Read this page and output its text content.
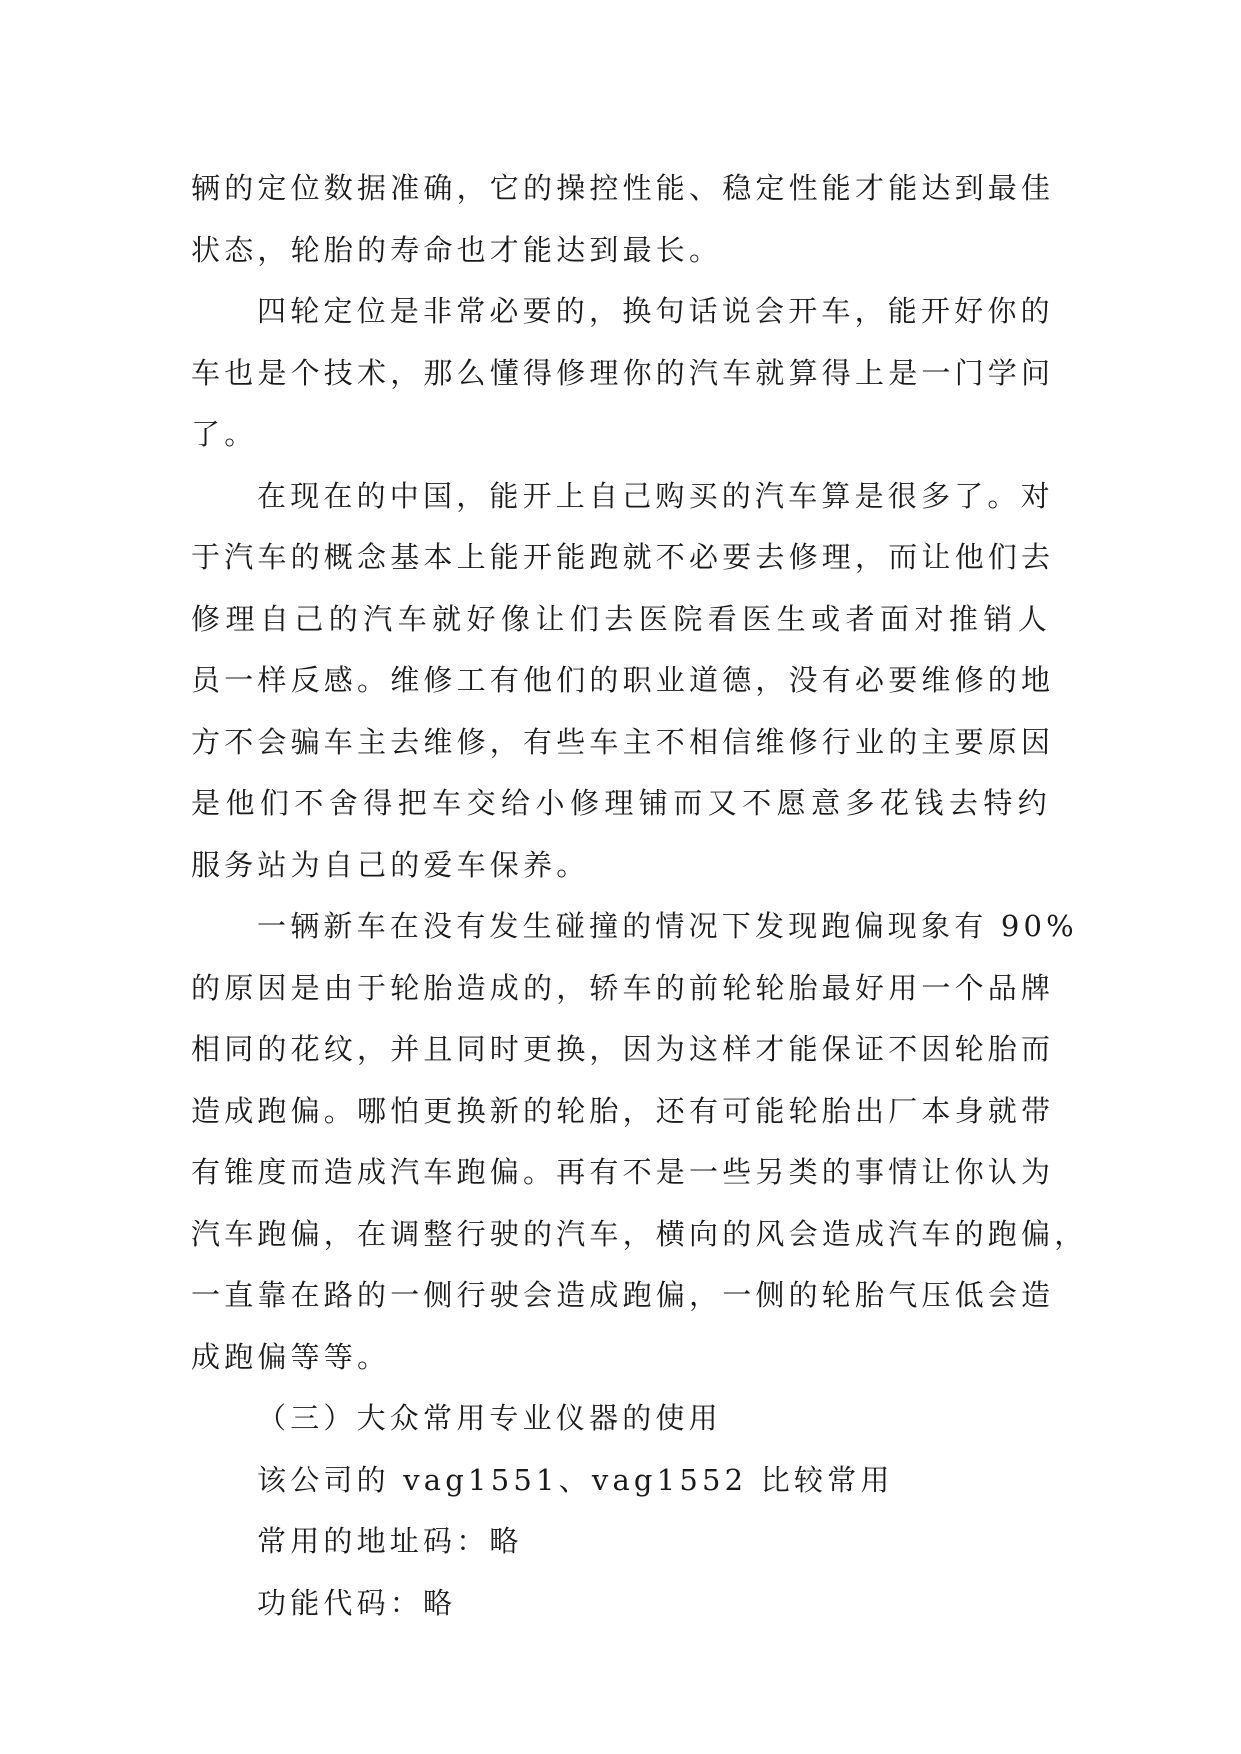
辆的定位数据准确，它的操控性能、稳定性能才能达到最佳
状态，轮胎的寿命也才能达到最长。
四轮定位是非常必要的，换句话说会开车，能开好你的
车也是个技术，那么懂得修理你的汽车就算得上是一门学问
了。
在现在的中国，能开上自己购买的汽车算是很多了。对
于汽车的概念基本上能开能跑就不必要去修理，而让他们去
修理自己的汽车就好像让们去医院看医生或者面对推销人
员一样反感。维修工有他们的职业道德，没有必要维修的地
方不会骗车主去维修，有些车主不相信维修行业的主要原因
是他们不舍得把车交给小修理铺而又不愿意多花钱去特约
服务站为自己的爱车保养。
一辆新车在没有发生碰撞的情况下发现跑偏现象有 90%
的原因是由于轮胎造成的，轿车的前轮轮胎最好用一个品牌
相同的花纹，并且同时更换，因为这样才能保证不因轮胎而
造成跑偏。哪怕更换新的轮胎，还有可能轮胎出厂本身就带
有锥度而造成汽车跑偏。再有不是一些另类的事情让你认为
汽车跑偏，在调整行驶的汽车，横向的风会造成汽车的跑偏，
一直靠在路的一侧行驶会造成跑偏，一侧的轮胎气压低会造
成跑偏等等。
（三）大众常用专业仪器的使用
该公司的 vag1551、vag1552 比较常用
常用的地址码：略
功能代码：略
